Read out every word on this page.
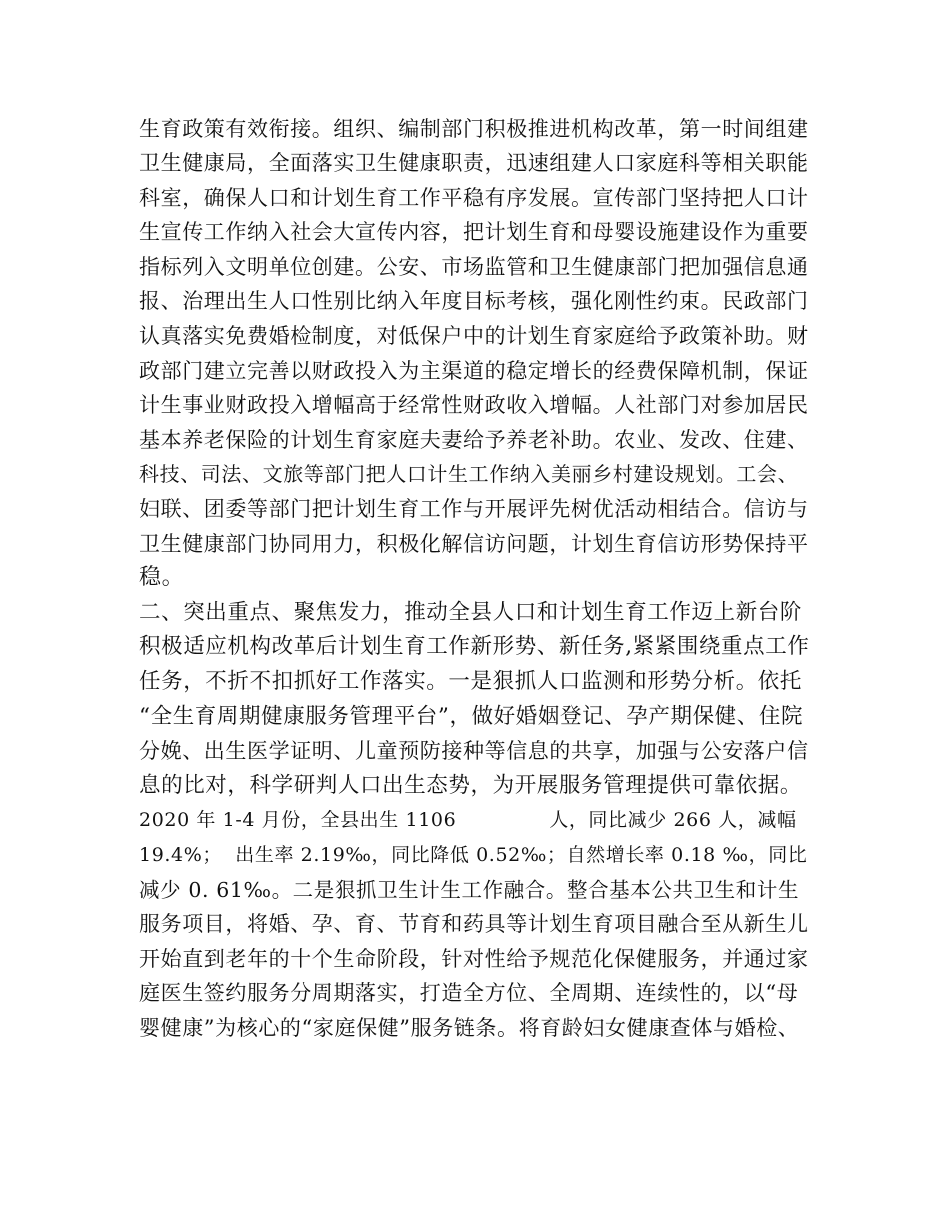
生育政策有效衔接。组织、编制部门积极推进机构改革，第一时间组建
卫生健康局，全面落实卫生健康职责，迅速组建人口家庭科等相关职能
科室，确保人口和计划生育工作平稳有序发展。宣传部门坚持把人口计
生宣传工作纳入社会大宣传内容，把计划生育和母婴设施建设作为重要
指标列入文明单位创建。公安、市场监管和卫生健康部门把加强信息通
报、治理出生人口性别比纳入年度目标考核，强化刚性约束。民政部门
认真落实免费婚检制度，对低保户中的计划生育家庭给予政策补助。财
政部门建立完善以财政投入为主渠道的稳定增长的经费保障机制，保证
计生事业财政投入增幅高于经常性财政收入增幅。人社部门对参加居民
基本养老保险的计划生育家庭夫妻给予养老补助。农业、发改、住建、
科技、司法、文旅等部门把人口计生工作纳入美丽乡村建设规划。工会、
妇联、团委等部门把计划生育工作与开展评先树优活动相结合。信访与
卫生健康部门协同用力，积极化解信访问题，计划生育信访形势保持平
稳。
二、突出重点、聚焦发力，推动全县人口和计划生育工作迈上新台阶
积极适应机构改革后计划生育工作新形势、新任务,紧紧围绕重点工作
任务，不折不扣抓好工作落实。一是狠抓人口监测和形势分析。依托
“全生育周期健康服务管理平台”，做好婚姻登记、孕产期保健、住院
分娩、出生医学证明、儿童预防接种等信息的共享，加强与公安落户信
息的比对，科学研判人口出生态势，为开展服务管理提供可靠依据。
2020 年 1-4 月份，全县出生 1106              人，同比减少 266 人，减幅
19.4%；  出生率 2.19‰，同比降低 0.52‰；自然增长率 0.18 ‰，同比
减少 0. 61‰。二是狠抓卫生计生工作融合。整合基本公共卫生和计生
服务项目，将婚、孕、育、节育和药具等计划生育项目融合至从新生儿
开始直到老年的十个生命阶段，针对性给予规范化保健服务，并通过家
庭医生签约服务分周期落实，打造全方位、全周期、连续性的，以“母
婴健康”为核心的“家庭保健”服务链条。将育龄妇女健康查体与婚检、
